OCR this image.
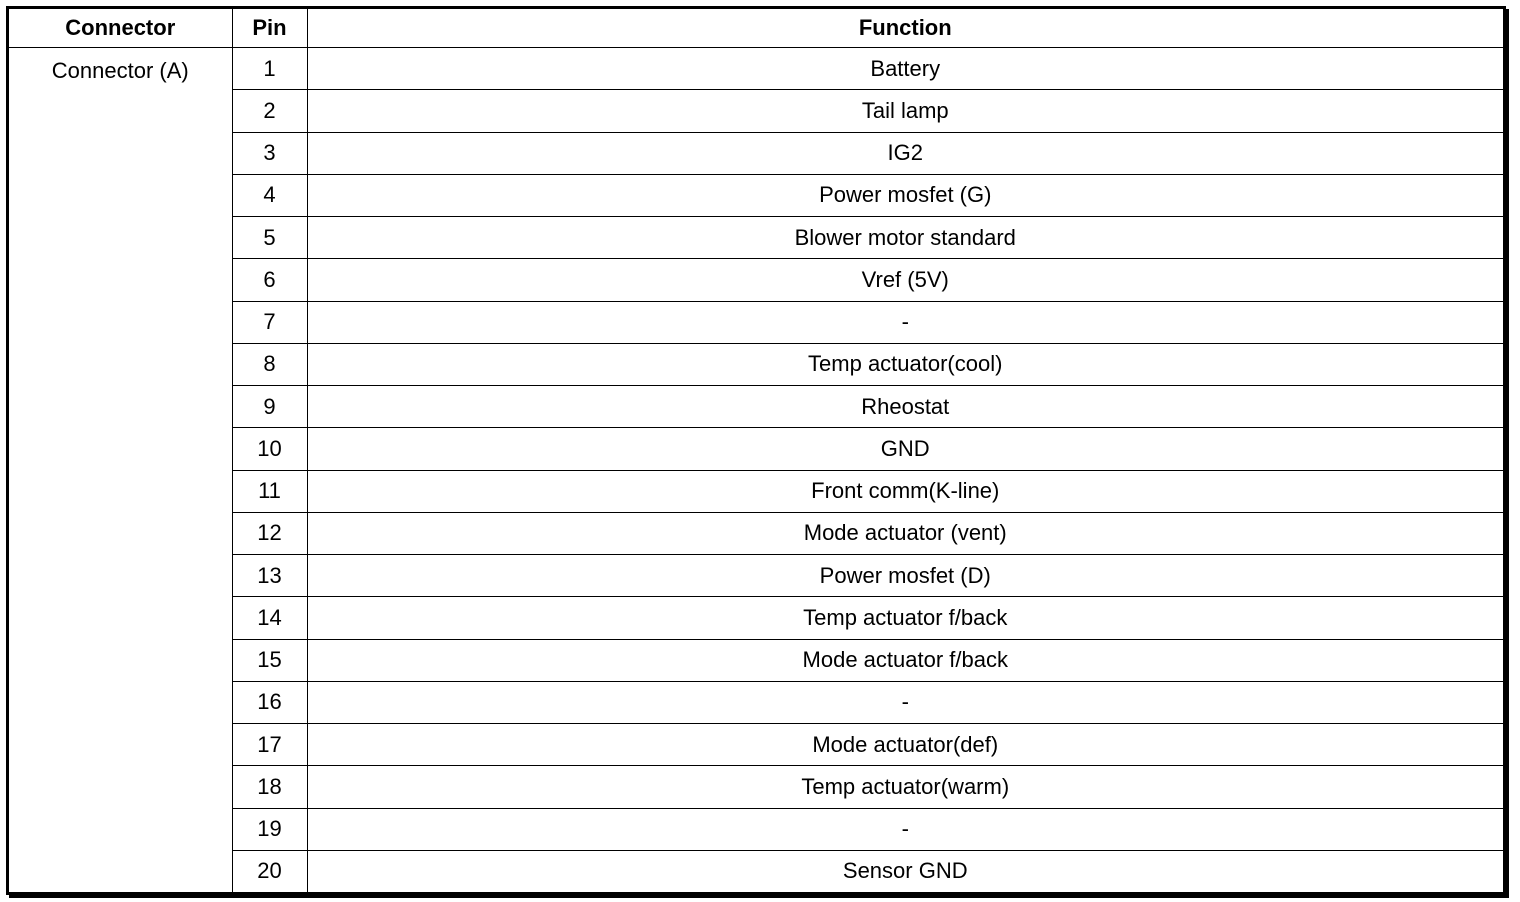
Connector	Pin	Function
Connector (A)	1	Battery
	2	Tail lamp
	3	IG2
	4	Power mosfet (G)
	5	Blower motor standard
	6	Vref (5V)
	7	-
	8	Temp actuator(cool)
	9	Rheostat
	10	GND
	11	Front comm(K-line)
	12	Mode actuator (vent)
	13	Power mosfet (D)
	14	Temp actuator f/back
	15	Mode actuator f/back
	16	-
	17	Mode actuator(def)
	18	Temp actuator(warm)
	19	-
	20	Sensor GND
